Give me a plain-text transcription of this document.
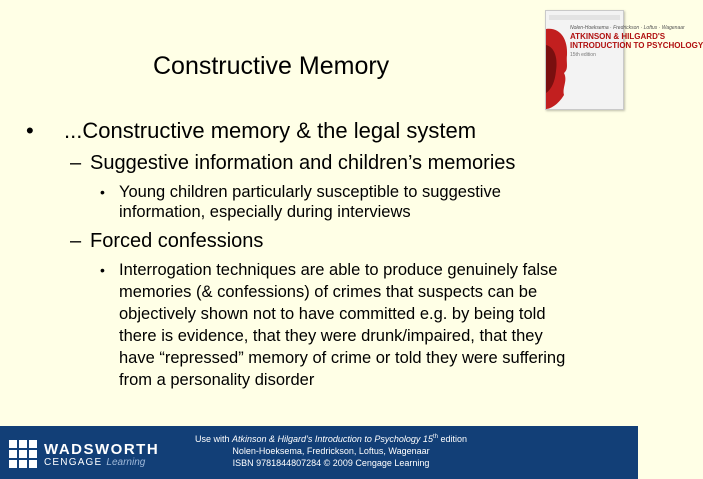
Constructive Memory
Nolen-Hoeksema · Fredrickson · Loftus · Wagenaar
ATKINSON & HILGARD'S
INTRODUCTION TO PSYCHOLOGY
15th edition
• ...Constructive memory & the legal system
– Suggestive information and children’s memories
• Young children particularly susceptible to suggestive
information, especially during interviews
– Forced confessions
• Interrogation techniques are able to produce genuinely false
memories (& confessions) of crimes that suspects can be
objectively shown not to have committed e.g. by being told
there is evidence, that they were drunk/impaired, that they
have “repressed” memory of crime or told they were suffering
from a personality disorder
WADSWORTH
CENGAGE Learning
Use with Atkinson & Hilgard’s Introduction to Psychology 15th edition
Nolen-Hoeksema, Fredrickson, Loftus, Wagenaar
ISBN 9781844807284 © 2009 Cengage Learning
